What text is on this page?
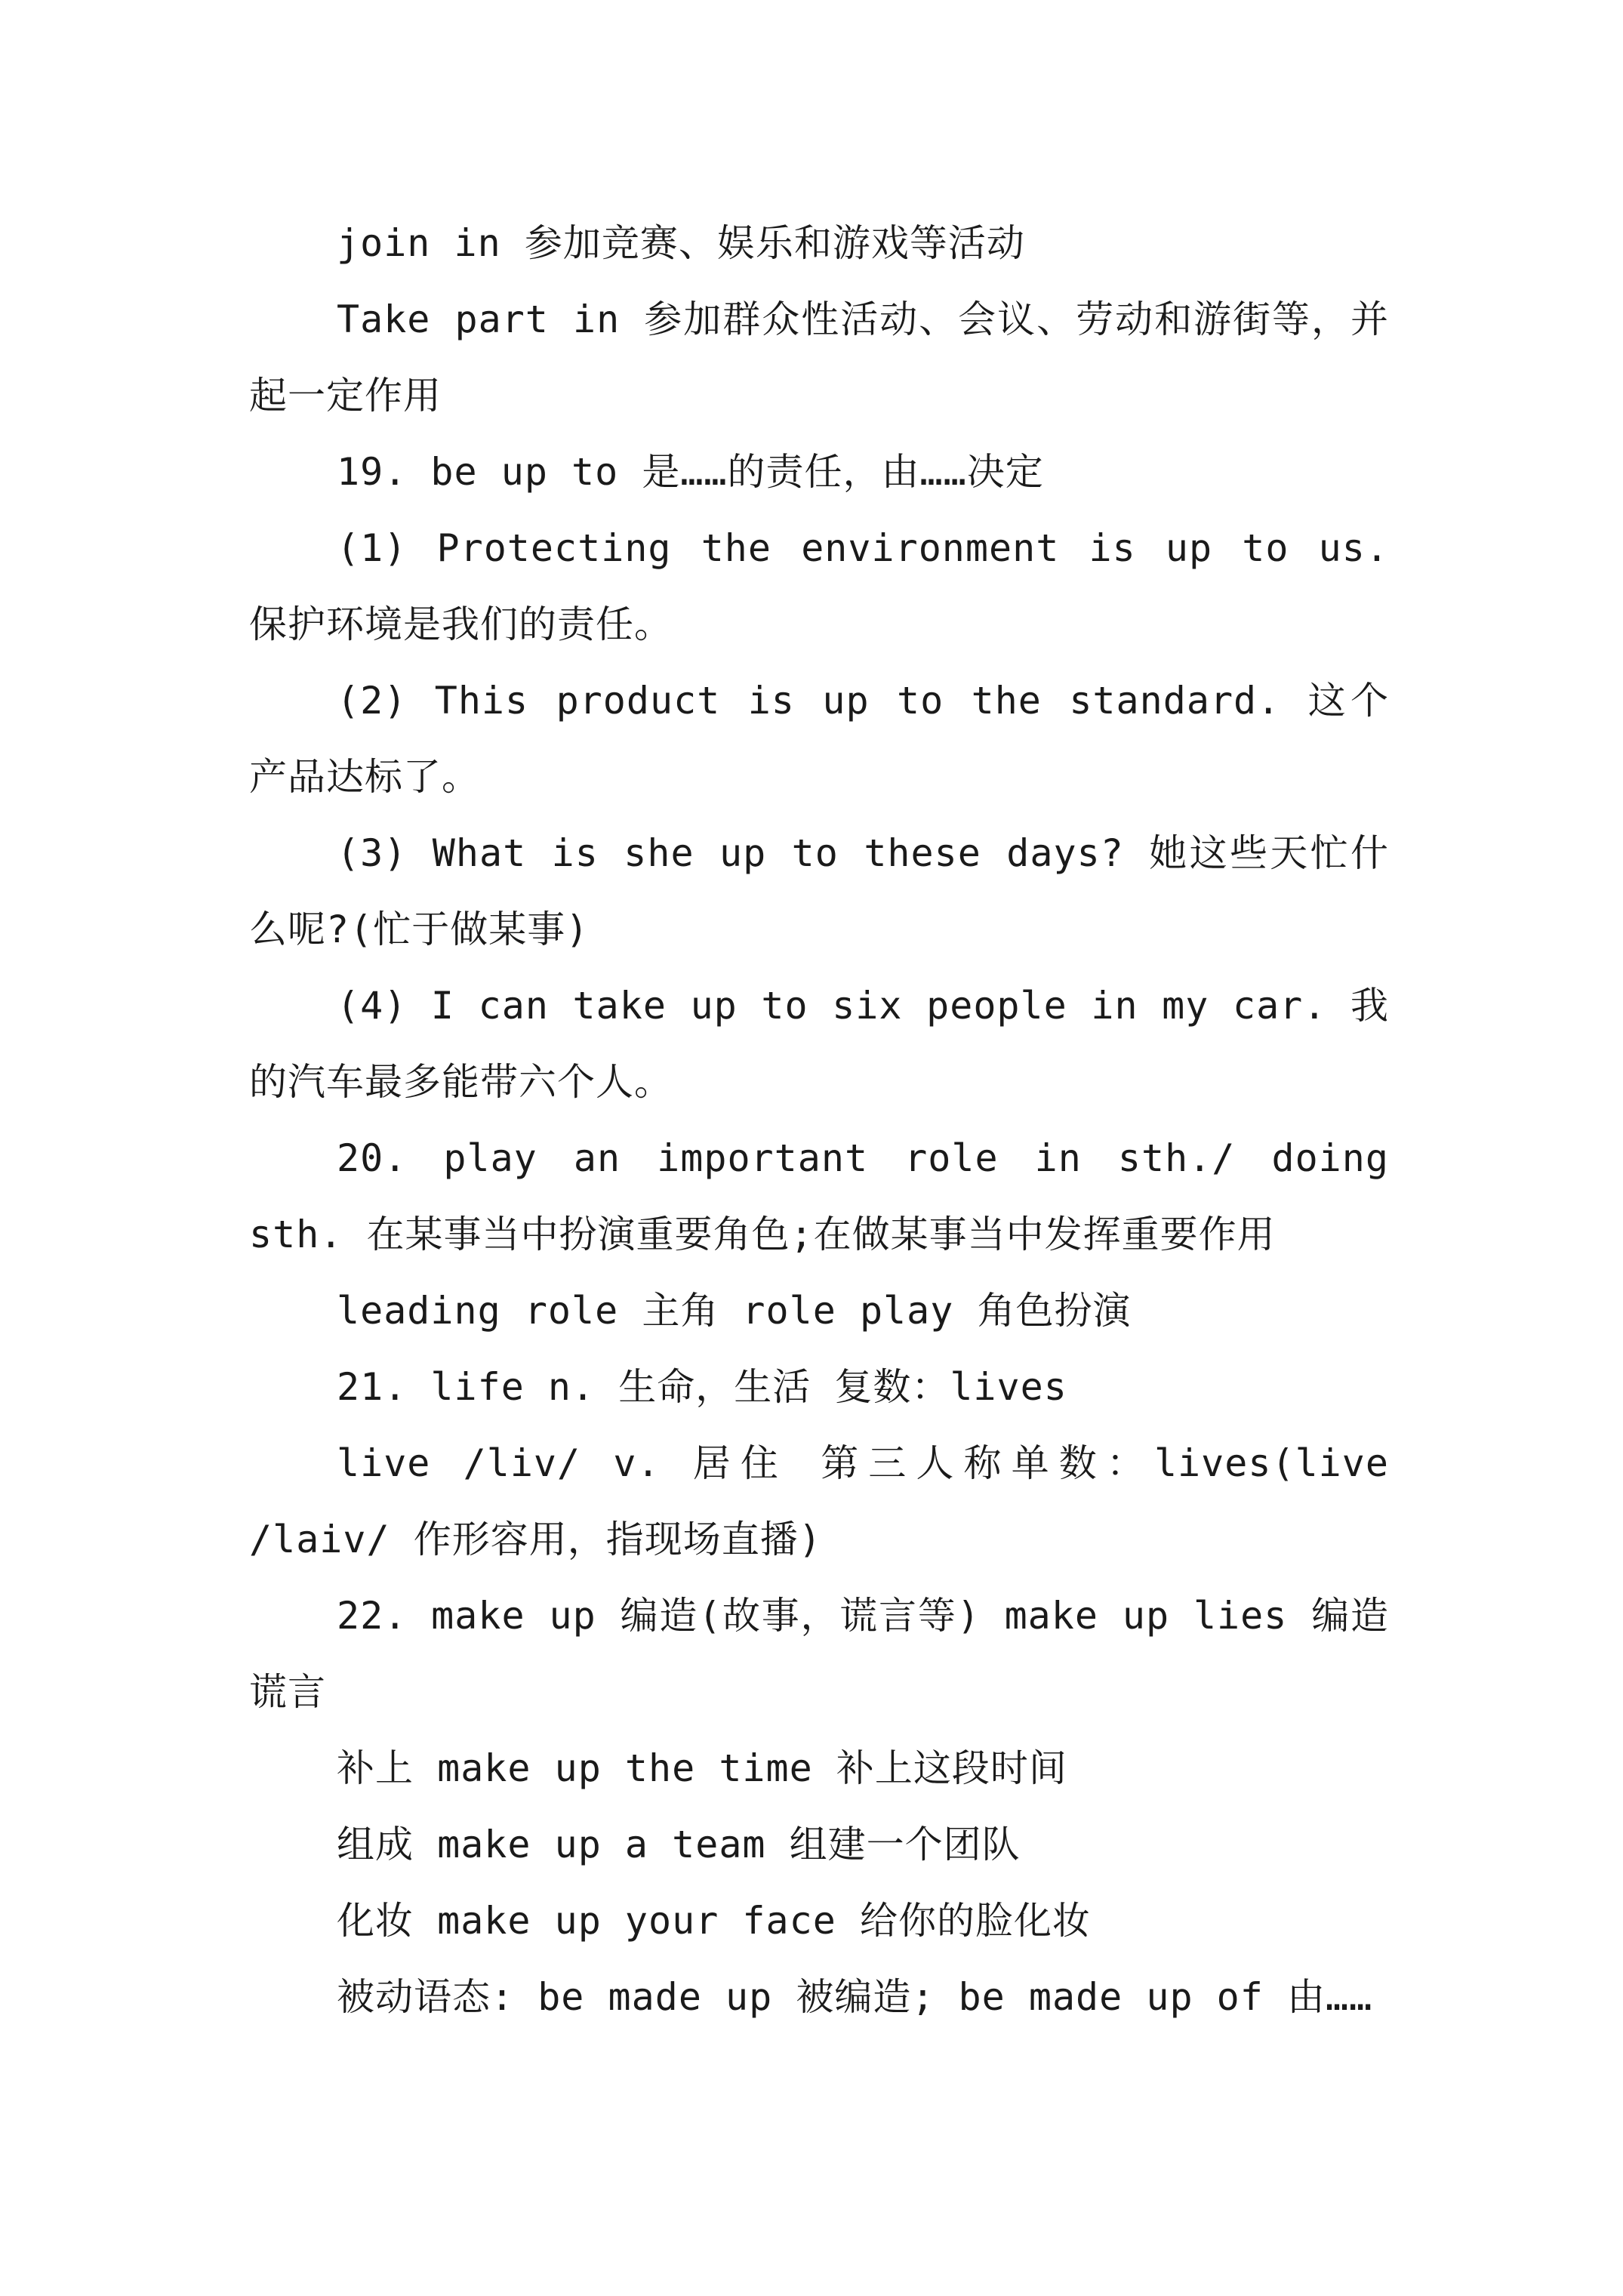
join in 参加竞赛、娱乐和游戏等活动

Take part in 参加群众性活动、会议、劳动和游街等，并起一定作用

19. be up to 是……的责任，由……决定

(1) Protecting the environment is up to us. 保护环境是我们的责任。

(2) This product is up to the standard. 这个产品达标了。

(3) What is she up to these days? 她这些天忙什么呢?(忙于做某事)

(4) I can take up to six people in my car. 我的汽车最多能带六个人。

20. play an important role in sth./ doing sth. 在某事当中扮演重要角色;在做某事当中发挥重要作用

leading role 主角 role play 角色扮演

21. life n. 生命，生活 复数：lives

live /liv/ v. 居住 第三人称单数：lives(live /laiv/ 作形容用，指现场直播)

22. make up 编造(故事，谎言等) make up lies 编造谎言

补上 make up the time 补上这段时间

组成 make up a team 组建一个团队

化妆 make up your face 给你的脸化妆

被动语态: be made up 被编造; be made up of 由……
